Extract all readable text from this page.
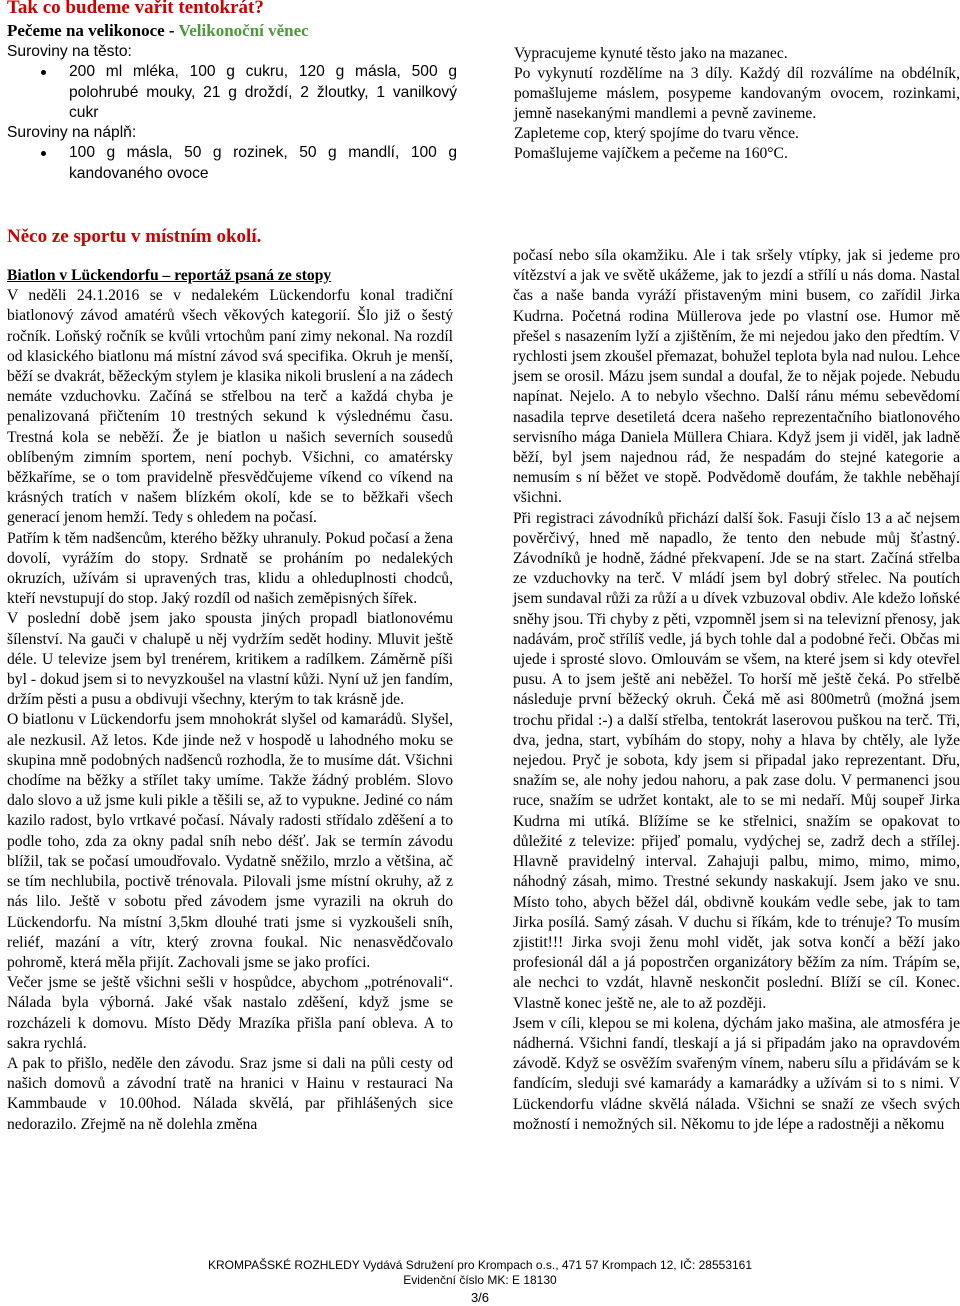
Tak co budeme vařit tentokrát?
Pečeme na velikonoce - Velikonoční věnec
Suroviny na těsto:
200 ml mléka, 100 g cukru, 120 g másla, 500 g polohrubé mouky, 21 g droždí, 2 žloutky, 1 vanilkový cukr
Suroviny na náplň:
100 g másla, 50 g rozinek, 50 g mandlí, 100 g kandovaného ovoce
Vypracujeme kynuté těsto jako na mazanec.
Po vykynutí rozdělíme na 3 díly. Každý díl rozválíme na obdélník, pomašlujeme máslem, posypeme kandovaným ovocem, rozinkami, jemně nasekanými mandlemi a pevně zavineme.
Zapleteme cop, který spojíme do tvaru věnce.
Pomašlujeme vajíčkem a pečeme na 160°C.
Něco ze sportu v místním okolí.

Biatlon v Lückendorfu – reportáž psaná ze stopy

V neděli 24.1.2016 se v nedalekém Lückendorfu konal tradiční biatlonový závod amatérů všech věkových kategorií. Šlo již o šestý ročník. Loňský ročník se kvůli vrtochům paní zimy nekonal. Na rozdíl od klasického biatlonu má místní závod svá specifika. Okruh je menší, běží se dvakrát, běžeckým stylem je klasika nikoli bruslení a na zádech nemáte vzduchovku. Začíná se střelbou na terč a každá chyba je penalizovaná přičtením 10 trestných sekund k výslednému času. Trestná kola se neběží. Že je biatlon u našich severních sousedů oblíbeným zimním sportem, není pochyb. Všichni, co amatérsky běžkaříme, se o tom pravidelně přesvědčujeme víkend co víkend na krásných tratích v našem blízkém okolí, kde se to běžkaři všech generací jenom hemží. Tedy s ohledem na počasí.

Patřím k těm nadšencům, kterého běžky uhranuly. Pokud počasí a žena dovolí, vyrážím do stopy. Srdnatě se proháním po nedalekých okruzích, užívám si upravených tras, klidu a ohleduplnosti chodců, kteří nevstupují do stop. Jaký rozdíl od našich zeměpisných šířek.

V poslední době jsem jako spousta jiných propadl biatlonovému šílenství. Na gauči v chalupě u něj vydržím sedět hodiny. Mluvit ještě déle. U televize jsem byl trenérem, kritikem a radílkem. Záměrně píši byl - dokud jsem si to nevyzkoušel na vlastní kůži. Nyní už jen fandím, držím pěsti a pusu a obdivuji všechny, kterým to tak krásně jde.

O biatlonu v Lückendorfu jsem mnohokrát slyšel od kamarádů. Slyšel, ale nezkusil. Až letos. Kde jinde než v hospodě u lahodného moku se skupina mně podobných nadšenců rozhodla, že to musíme dát. Všichni chodíme na běžky a střílet taky umíme. Takže žádný problém. Slovo dalo slovo a už jsme kuli pikle a těšili se, až to vypukne. Jediné co nám kazilo radost, bylo vrtkavé počasí. Návaly radosti střídalo zděšení a to podle toho, zda za okny padal sníh nebo déšť. Jak se termín závodu blížil, tak se počasí umoudřovalo. Vydatně sněžilo, mrzlo a většina, ač se tím nechlubila, poctivě trénovala. Pilovali jsme místní okruhy, až z nás lilo. Ještě v sobotu před závodem jsme vyrazili na okruh do Lückendorfu. Na místní 3,5km dlouhé trati jsme si vyzkoušeli sníh, reliéf, mazání a vítr, který zrovna foukal. Nic nenasvědčovalo pohromě, která měla přijít. Zachovali jsme se jako profíci.

Večer jsme se ještě všichni sešli v hospůdce, abychom „potrénovali“. Nálada byla výborná. Jaké však nastalo zděšení, když jsme se rozcházeli k domovu. Místo Dědy Mrazíka přišla paní obleva. A to sakra rychlá.

A pak to přišlo, neděle den závodu. Sraz jsme si dali na půli cesty od našich domovů a závodní tratě na hranici v Hainu v restauraci Na Kammbaude v 10.00hod. Nálada skvělá, par přihlášených sice nedorazilo. Zřejmě na ně dolehla změna

počasí nebo síla okamžiku. Ale i tak sršely vtípky, jak si jedeme pro vítězství a jak ve světě ukážeme, jak to jezdí a střílí u nás doma. Nastal čas a naše banda vyráží přistaveným mini busem, co zařídil Jirka Kudrna. Početná rodina Müllerova jede po vlastní ose. Humor mě přešel s nasazením lyží a zjištěním, že mi nejedou jako den předtím. V rychlosti jsem zkoušel přemazat, bohužel teplota byla nad nulou. Lehce jsem se orosil. Mázu jsem sundal a doufal, že to nějak pojede. Nebudu napínat. Nejelo. A to nebylo všechno. Další ránu mému sebevědomí nasadila teprve desetiletá dcera našeho reprezentačního biatlonového servisního mága Daniela Müllera Chiara. Když jsem ji viděl, jak ladně běží, byl jsem najednou rád, že nespadám do stejné kategorie a nemusím s ní běžet ve stopě. Podvědomě doufám, že takhle neběhají všichni.

Při registraci závodníků přichází další šok. Fasuji číslo 13 a ač nejsem pověrčivý, hned mě napadlo, že tento den nebude můj šťastný. Závodníků je hodně, žádné překvapení. Jde se na start. Začíná střelba ze vzduchovky na terč. V mládí jsem byl dobrý střelec. Na poutích jsem sundaval růži za růží a u dívek vzbuzoval obdiv. Ale kdežo loňské sněhy jsou. Tři chyby z pěti, vzpomněl jsem si na televizní přenosy, jak nadávám, proč střílíš vedle, já bych tohle dal a podobné řeči. Občas mi ujede i sprosté slovo. Omlouvám se všem, na které jsem si kdy otevřel pusu. A to jsem ještě ani neběžel. To horší mě ještě čeká. Po střelbě následuje první běžecký okruh. Čeká mě asi 800metrů (možná jsem trochu přidal :-) a další střelba, tentokrát laserovou puškou na terč. Tři, dva, jedna, start, vybíhám do stopy, nohy a hlava by chtěly, ale lyže nejedou. Pryč je sobota, kdy jsem si připadal jako reprezentant. Dřu, snažím se, ale nohy jedou nahoru, a pak zase dolu. V permanenci jsou ruce, snažím se udržet kontakt, ale to se mi nedaří. Můj soupeř Jirka Kudrna mi utíká. Blížíme se ke střelnici, snažím se opakovat to důležité z televize: přijeď pomalu, vydýchej se, zadrž dech a střílej. Hlavně pravidelný interval. Zahajuji palbu, mimo, mimo, mimo, náhodný zásah, mimo. Trestné sekundy naskakují. Jsem jako ve snu. Místo toho, abych běžel dál, obdivně koukám vedle sebe, jak to tam Jirka posílá. Samý zásah. V duchu si říkám, kde to trénuje? To musím zjistit!!! Jirka svoji ženu mohl vidět, jak sotva končí a běží jako profesionál dál a já popostrčen organizátory běžím za ním. Trápím se, ale nechci to vzdát, hlavně neskončit poslední. Blíží se cíl. Konec. Vlastně konec ještě ne, ale to až později.

Jsem v cíli, klepou se mi kolena, dýchám jako mašina, ale atmosféra je nádherná. Všichni fandí, tleskají a já si připadám jako na opravdovém závodě. Když se osvěžím svařeným vínem, naberu sílu a přidávám se k fandícím, sleduji své kamarády a kamarádky a užívám si to s nimi. V Lückendorfu vládne skvělá nálada. Všichni se snaží ze všech svých možností i nemožných sil. Někomu to jde lépe a radostněji a někomu

KROMPAŠSKÉ ROZHLEDY Vydává Sdružení pro Krompach o.s., 471 57 Krompach 12, IČ: 28553161
Evidenční číslo MK: E 18130
3/6
